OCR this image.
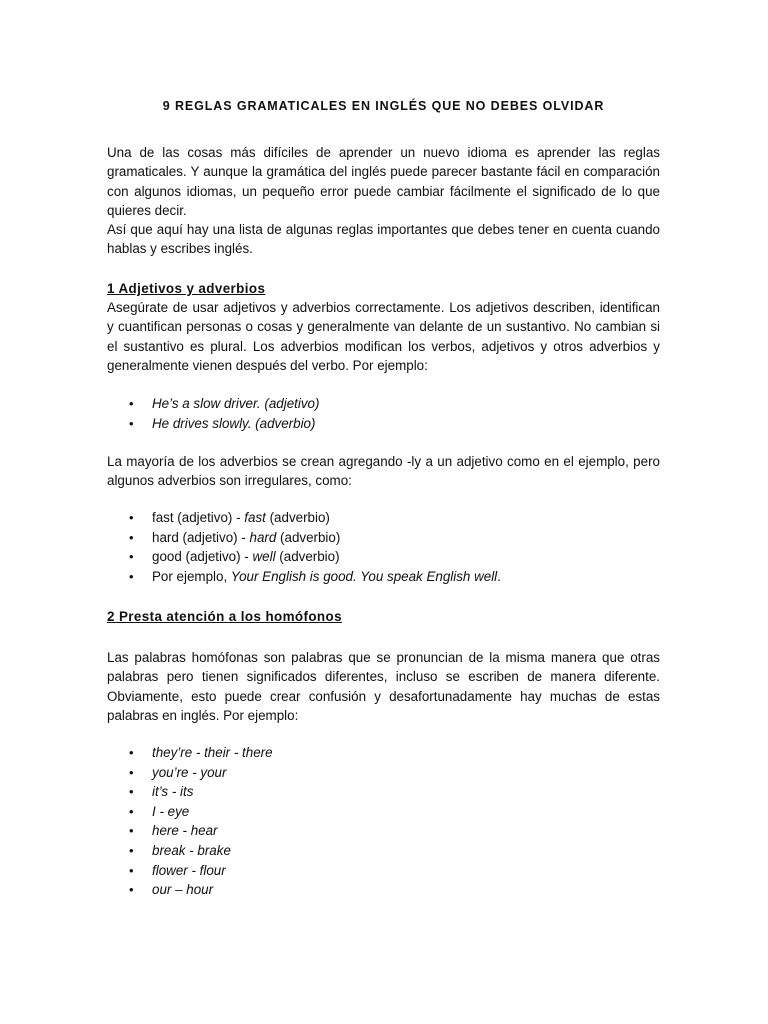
9 REGLAS GRAMATICALES EN INGLÉS QUE NO DEBES OLVIDAR

Una de las cosas más difíciles de aprender un nuevo idioma es aprender las reglas gramaticales. Y aunque la gramática del inglés puede parecer bastante fácil en comparación con algunos idiomas, un pequeño error puede cambiar fácilmente el significado de lo que quieres decir.

Así que aquí hay una lista de algunas reglas importantes que debes tener en cuenta cuando hablas y escribes inglés.

1 Adjetivos y adverbios

Asegúrate de usar adjetivos y adverbios correctamente. Los adjetivos describen, identifican y cuantifican personas o cosas y generalmente van delante de un sustantivo. No cambian si el sustantivo es plural. Los adverbios modifican los verbos, adjetivos y otros adverbios y generalmente vienen después del verbo. Por ejemplo:

• He’s a slow driver. (adjetivo)
• He drives slowly. (adverbio)

La mayoría de los adverbios se crean agregando -ly a un adjetivo como en el ejemplo, pero algunos adverbios son irregulares, como:

• fast (adjetivo) - fast (adverbio)
• hard (adjetivo) - hard (adverbio)
• good (adjetivo) - well (adverbio)
• Por ejemplo, Your English is good. You speak English well.
2 Presta atención a los homófonos

Las palabras homófonas son palabras que se pronuncian de la misma manera que otras palabras pero tienen significados diferentes, incluso se escriben de manera diferente. Obviamente, esto puede crear confusión y desafortunadamente hay muchas de estas palabras en inglés. Por ejemplo:

• they’re - their - there
• you’re - your
• it’s - its
• I - eye
• here - hear
• break - brake
• flower - flour
• our – hour
